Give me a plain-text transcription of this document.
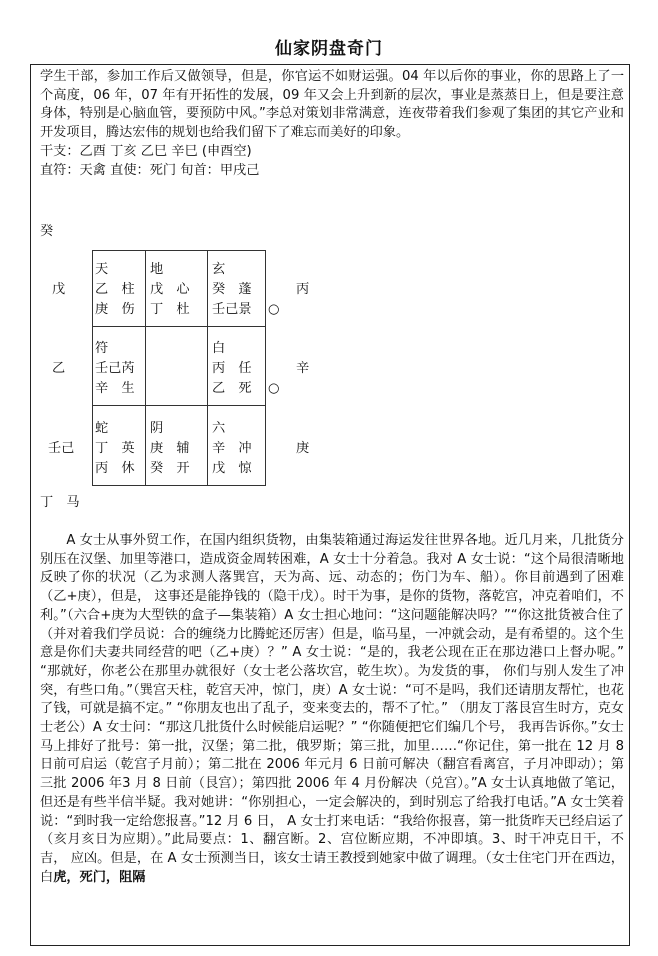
仙家阴盘奇门

学生干部，参加工作后又做领导，但是，你官运不如财运强。04 年以后你的事业，你的思路上了一个高度，06 年，07 年有开拓性的发展，09 年又会上升到新的层次，事业是蒸蒸日上，但是要注意身体，特别是心脑血管，要预防中风。”李总对策划非常满意，连夜带着我们参观了集团的其它产业和开发项目，腾达宏伟的规划也给我们留下了难忘而美好的印象。

干支：乙酉 丁亥 乙巳 辛巳 (申酉空)

直符：天禽 直使：死门 旬首：甲戌己

癸
戊
天
乙　柱
庚　伤
地
戊　心
丁　杜
玄
癸　蓬
壬己景
丙
○
乙
符
壬己芮
辛　生
白
丙　任
乙　死
辛
○
壬己
蛇
丁　英
丙　休
阴
庚　辅
癸　开
六
辛　冲
戊　惊
庚
丁　马

A 女士从事外贸工作，在国内组织货物，由集装箱通过海运发往世界各地。近几月来，几批货分别压在汉堡、加里等港口，造成资金周转困难，A 女士十分着急。我对 A 女士说：“这个局很清晰地反映了你的状况（乙为求测人落巽宫，天为高、远、动态的；伤门为车、船）。你目前遇到了困难（乙+庚），但是， 这事还是能挣钱的（隐干戊）。时干为事，是你的货物，落乾宫，冲克着咱们，不利。”（六合+庚为大型铁的盒子—集装箱）A 女士担心地问：“这问题能解决吗？”“你这批货被合住了（并对着我们学员说：合的缠绕力比腾蛇还厉害）但是，临马星，一冲就会动，是有希望的。这个生意是你们夫妻共同经营的吧（乙+庚）？” A 女士说：“是的，我老公现在正在那边港口上督办呢。” “那就好，你老公在那里办就很好（女士老公落坎宫，乾生坎）。为发货的事， 你们与别人发生了冲突，有些口角。”（巽宫天柱，乾宫天冲，惊门，庚）A 女士说：“可不是吗，我们还请朋友帮忙，也花了钱，可就是搞不定。” “你朋友也出了乱子，变来变去的，帮不了忙。” （朋友丁落艮宫生时方，克女士老公）A 女士问：“那这几批货什么时候能启运呢？” “你随便把它们编几个号， 我再告诉你。”女士马上排好了批号：第一批，汉堡；第二批，俄罗斯；第三批，加里……“你记住，第一批在 12 月 8 日前可启运（乾宫子月前）；第二批在 2006 年元月 6 日前可解决（翻宫看离宫，子月冲即动）；第三批 2006 年3 月 8 日前（艮宫）；第四批 2006 年 4 月份解决（兑宫）。”A 女士认真地做了笔记，但还是有些半信半疑。我对她讲：“你别担心，一定会解决的，到时别忘了给我打电话。”A 女士笑着说：“到时我一定给您报喜。”12 月 6 日， A 女士打来电话：“我给你报喜，第一批货昨天已经启运了（亥月亥日为应期）。”此局要点：1、翻宫断。2、宫位断应期，不冲即填。3、时干冲克日干，不吉， 应凶。但是，在 A 女士预测当日，该女士请王教授到她家中做了调理。（女士住宅门开在西边，白虎，死门，阻隔
